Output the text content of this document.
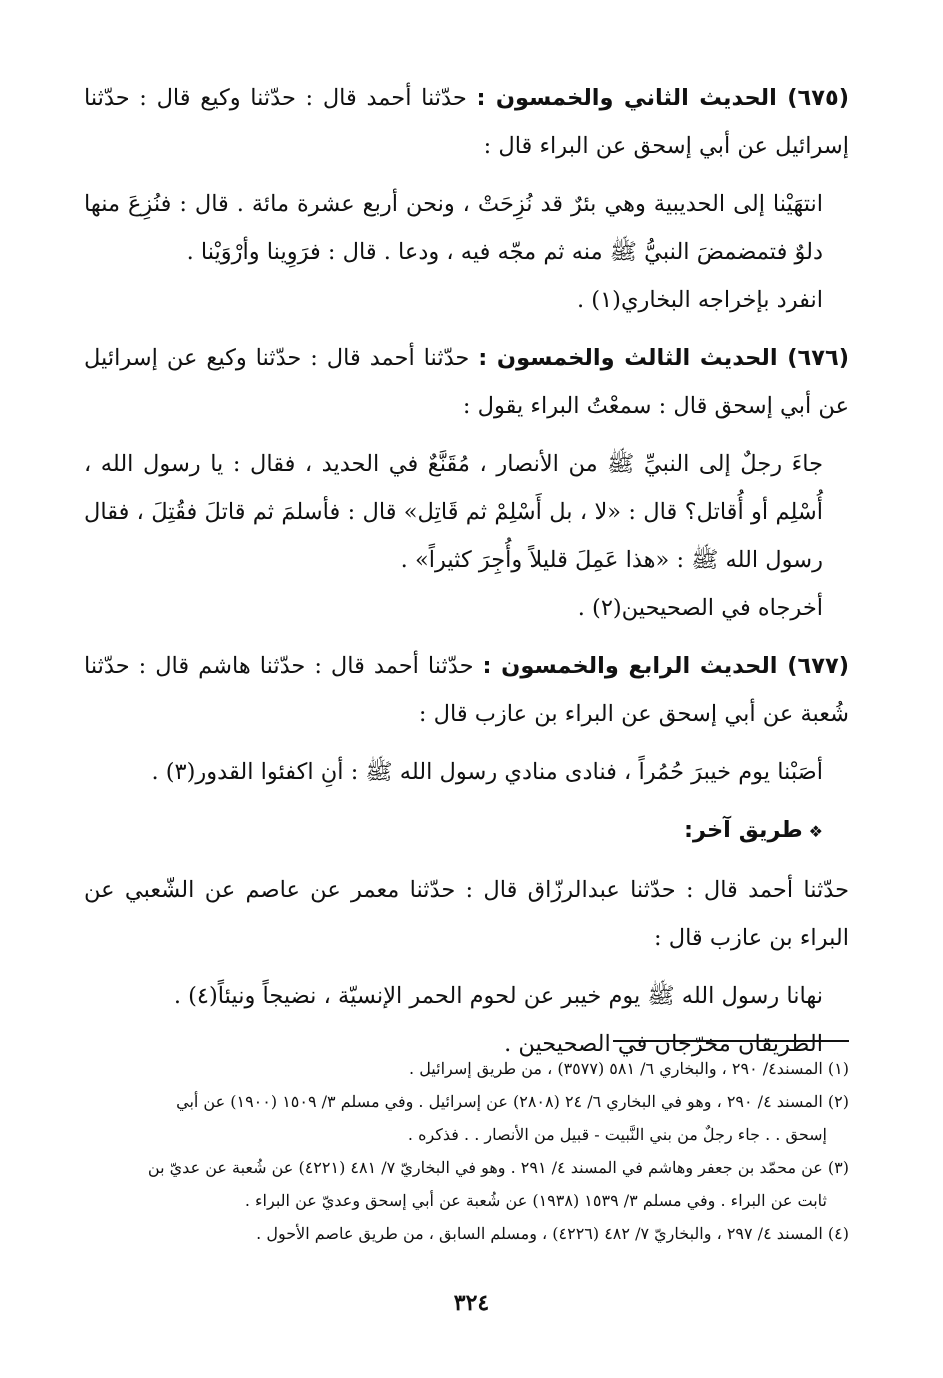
(٦٧٥) الحديث الثاني والخمسون : حدّثنا أحمد قال : حدّثنا وكيع قال : حدّثنا إسرائيل عن أبي إسحق عن البراء قال :

انتهَيْنا إلى الحديبية وهي بئرٌ قد نُزِحَتْ ، ونحن أربع عشرة مائة . قال : فنُزِعَ منها دلوٌ فتمضمضَ النبيُّ ﷺ منه ثم مجّه فيه ، ودعا . قال : فرَوِينا وأرْوَيْنا .

انفرد بإخراجه البخاري(١) .

(٦٧٦) الحديث الثالث والخمسون : حدّثنا أحمد قال : حدّثنا وكيع عن إسرائيل عن أبي إسحق قال : سمعْتُ البراء يقول :

جاءَ رجلٌ إلى النبيِّ ﷺ من الأنصار ، مُقَنَّعٌ في الحديد ، فقال : يا رسول الله ، أُسْلِم أو أُقاتل؟ قال : «لا ، بل أَسْلِمْ ثم قَاتِل» قال : فأسلمَ ثم قاتلَ فقُتِلَ ، فقال رسول الله ﷺ : «هذا عَمِلَ قليلاً وأُجِرَ كثيراً» .

أخرجاه في الصحيحين(٢) .

(٦٧٧) الحديث الرابع والخمسون : حدّثنا أحمد قال : حدّثنا هاشم قال : حدّثنا شُعبة عن أبي إسحق عن البراء بن عازب قال :

أصَبْنا يوم خيبرَ حُمُراً ، فنادى منادي رسول الله ﷺ : أنِ اكفئوا القدور(٣) .

❖طريق آخر:

حدّثنا أحمد قال : حدّثنا عبدالرزّاق قال : حدّثنا معمر عن عاصم عن الشّعبي عن البراء بن عازب قال :

نهانا رسول الله ﷺ يوم خيبر عن لحوم الحمر الإنسيّة ، نضيجاً ونيئاً(٤) .

الطريقان مخرّجان في الصحيحين .

(١) المسند٤/ ٢٩٠ ، والبخاري ٦/ ٥٨١ (٣٥٧٧) ، من طريق إسرائيل .

(٢) المسند ٤/ ٢٩٠ ، وهو في البخاري ٦/ ٢٤ (٢٨٠٨) عن إسرائيل . وفي مسلم ٣/ ١٥٠٩ (١٩٠٠) عن أبي

إسحق . . جاء رجلٌ من بني النَّبيت - قبيل من الأنصار . . فذكره .

(٣) عن محمّد بن جعفر وهاشم في المسند ٤/ ٢٩١ . وهو في البخاريّ ٧/ ٤٨١ (٤٢٢١) عن شُعبة عن عديّ بن

ثابت عن البراء . وفي مسلم ٣/ ١٥٣٩ (١٩٣٨) عن شُعبة عن أبي إسحق وعديّ عن البراء .

(٤) المسند ٤/ ٢٩٧ ، والبخاريّ ٧/ ٤٨٢ (٤٢٢٦) ، ومسلم السابق ، من طريق عاصم الأحول .

٣٢٤
